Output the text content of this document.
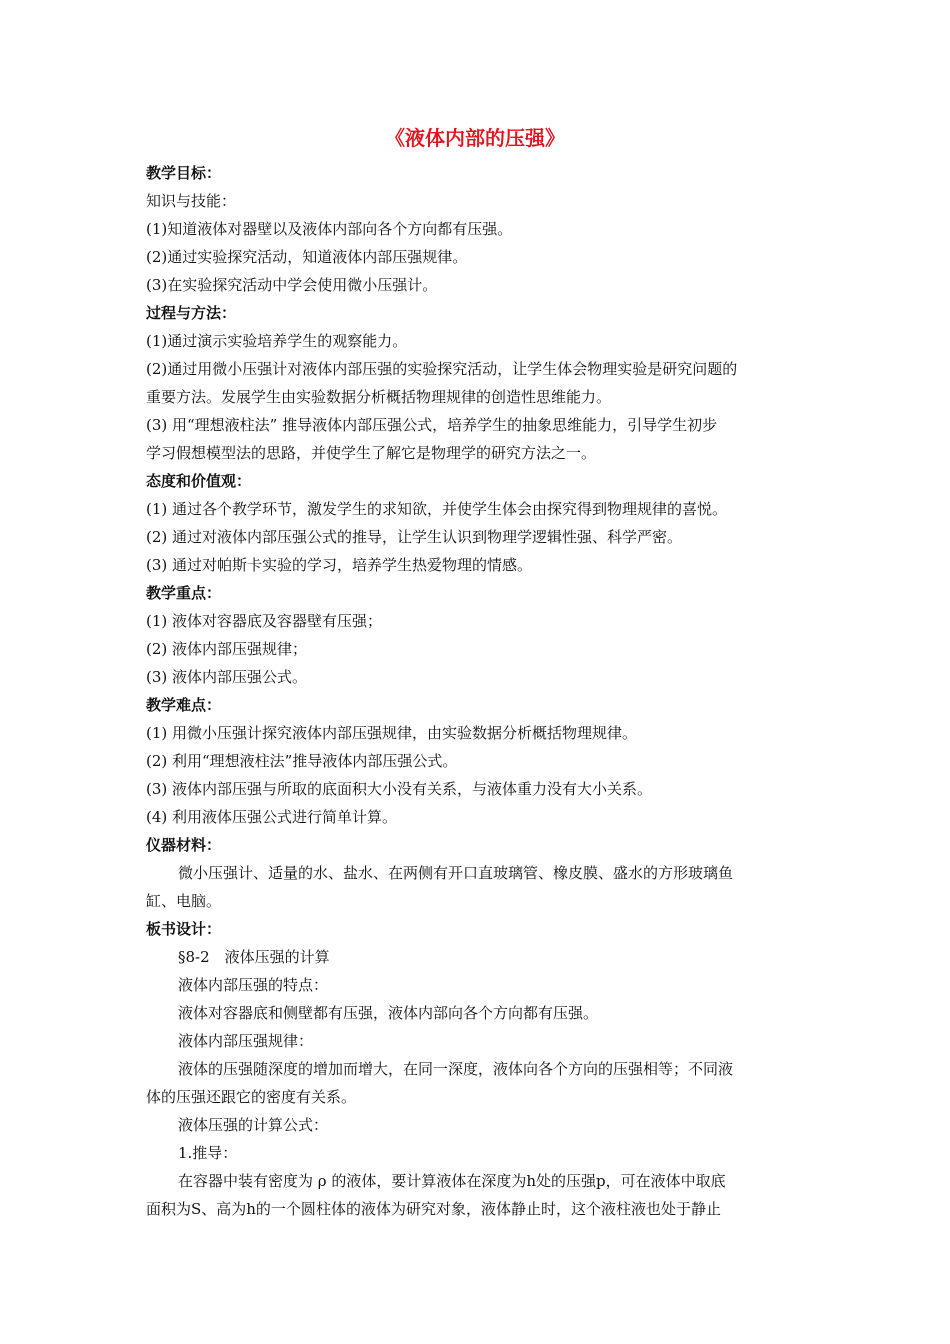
《液体内部的压强》
教学目标：
知识与技能：
(1)知道液体对器壁以及液体内部向各个方向都有压强。
(2)通过实验探究活动，知道液体内部压强规律。
(3)在实验探究活动中学会使用微小压强计。
过程与方法：
(1)通过演示实验培养学生的观察能力。
(2)通过用微小压强计对液体内部压强的实验探究活动，让学生体会物理实验是研究问题的
重要方法。发展学生由实验数据分析概括物理规律的创造性思维能力。
(3) 用“理想液柱法” 推导液体内部压强公式，培养学生的抽象思维能力，引导学生初步
学习假想模型法的思路，并使学生了解它是物理学的研究方法之一。
态度和价值观：
(1) 通过各个教学环节，激发学生的求知欲，并使学生体会由探究得到物理规律的喜悦。
(2) 通过对液体内部压强公式的推导，让学生认识到物理学逻辑性强、科学严密。
(3) 通过对帕斯卡实验的学习，培养学生热爱物理的情感。
教学重点：
(1) 液体对容器底及容器壁有压强；
(2) 液体内部压强规律；
(3) 液体内部压强公式。
教学难点：
(1) 用微小压强计探究液体内部压强规律，由实验数据分析概括物理规律。
(2) 利用“理想液柱法”推导液体内部压强公式。
(3) 液体内部压强与所取的底面积大小没有关系，与液体重力没有大小关系。
(4) 利用液体压强公式进行简单计算。
仪器材料：
微小压强计、适量的水、盐水、在两侧有开口直玻璃管、橡皮膜、盛水的方形玻璃鱼
缸、电脑。
板书设计：
§8-2　液体压强的计算
液体内部压强的特点：
液体对容器底和侧壁都有压强，液体内部向各个方向都有压强。
液体内部压强规律：
液体的压强随深度的增加而增大，在同一深度，液体向各个方向的压强相等；不同液
体的压强还跟它的密度有关系。
液体压强的计算公式：
1.推导：
在容器中装有密度为 ρ 的液体，要计算液体在深度为h处的压强p，可在液体中取底
面积为S、高为h的一个圆柱体的液体为研究对象，液体静止时，这个液柱液也处于静止
